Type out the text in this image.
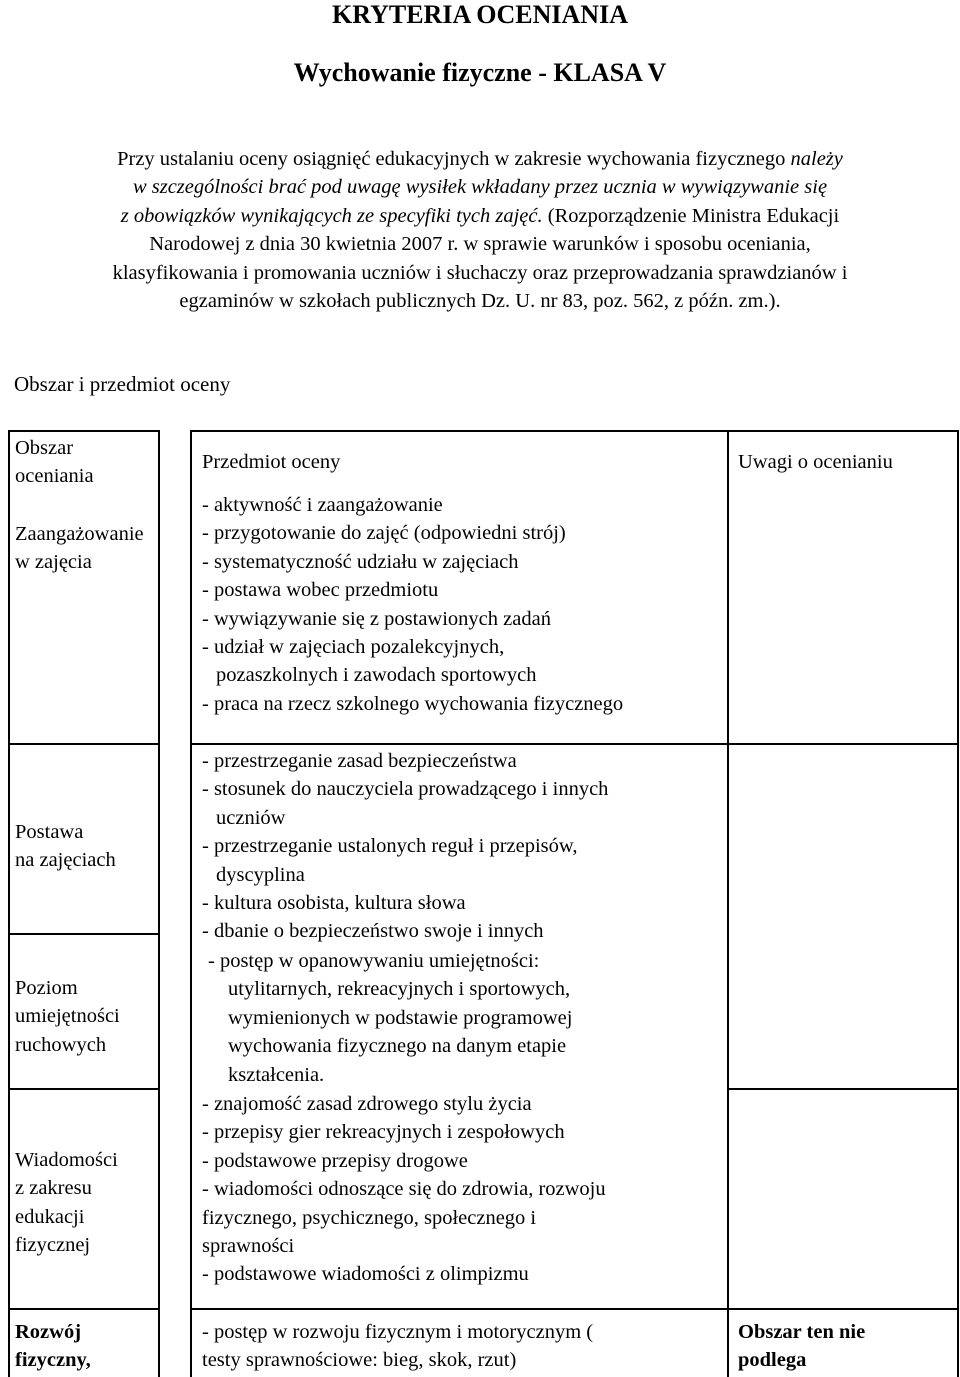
KRYTERIA OCENIANIA
Wychowanie fizyczne - KLASA V
Przy ustalaniu oceny osiągnięć edukacyjnych w zakresie wychowania fizycznego należy
w szczególności brać pod uwagę wysiłek wkładany przez ucznia w wywiązywanie się
z obowiązków wynikających ze specyfiki tych zajęć. (Rozporządzenie Ministra Edukacji
Narodowej z dnia 30 kwietnia 2007 r. w sprawie warunków i sposobu oceniania,
klasyfikowania i promowania uczniów i słuchaczy oraz przeprowadzania sprawdzianów i
egzaminów w szkołach publicznych Dz. U. nr 83, poz. 562, z późn. zm.).
Obszar i przedmiot oceny
Obszar
oceniania
Przedmiot oceny	Uwagi o ocenianiu
Zaangażowanie
w zajęcia
- aktywność i zaangażowanie
- przygotowanie do zajęć (odpowiedni strój)
- systematyczność udziału w zajęciach
- postawa wobec przedmiotu
- wywiązywanie się z postawionych zadań
- udział w zajęciach pozalekcyjnych,
pozaszkolnych i zawodach sportowych
- praca na rzecz szkolnego wychowania fizycznego
Postawa
na zajęciach
- przestrzeganie zasad bezpieczeństwa
- stosunek do nauczyciela prowadzącego i innych
uczniów
- przestrzeganie ustalonych reguł i przepisów,
dyscyplina
- kultura osobista, kultura słowa
- dbanie o bezpieczeństwo swoje i innych
Poziom
umiejętności
ruchowych
- postęp w opanowywaniu umiejętności:
utylitarnych, rekreacyjnych i sportowych,
wymienionych w podstawie programowej
wychowania fizycznego na danym etapie
kształcenia.
Wiadomości
z zakresu
edukacji
fizycznej
- znajomość zasad zdrowego stylu życia
- przepisy gier rekreacyjnych i zespołowych
- podstawowe przepisy drogowe
- wiadomości odnoszące się do zdrowia, rozwoju
fizycznego, psychicznego, społecznego i
sprawności
- podstawowe wiadomości z olimpizmu
Rozwój
fizyczny,
- postęp w rozwoju fizycznym i motorycznym (
testy sprawnościowe: bieg, skok, rzut)
Obszar ten nie
podlega
